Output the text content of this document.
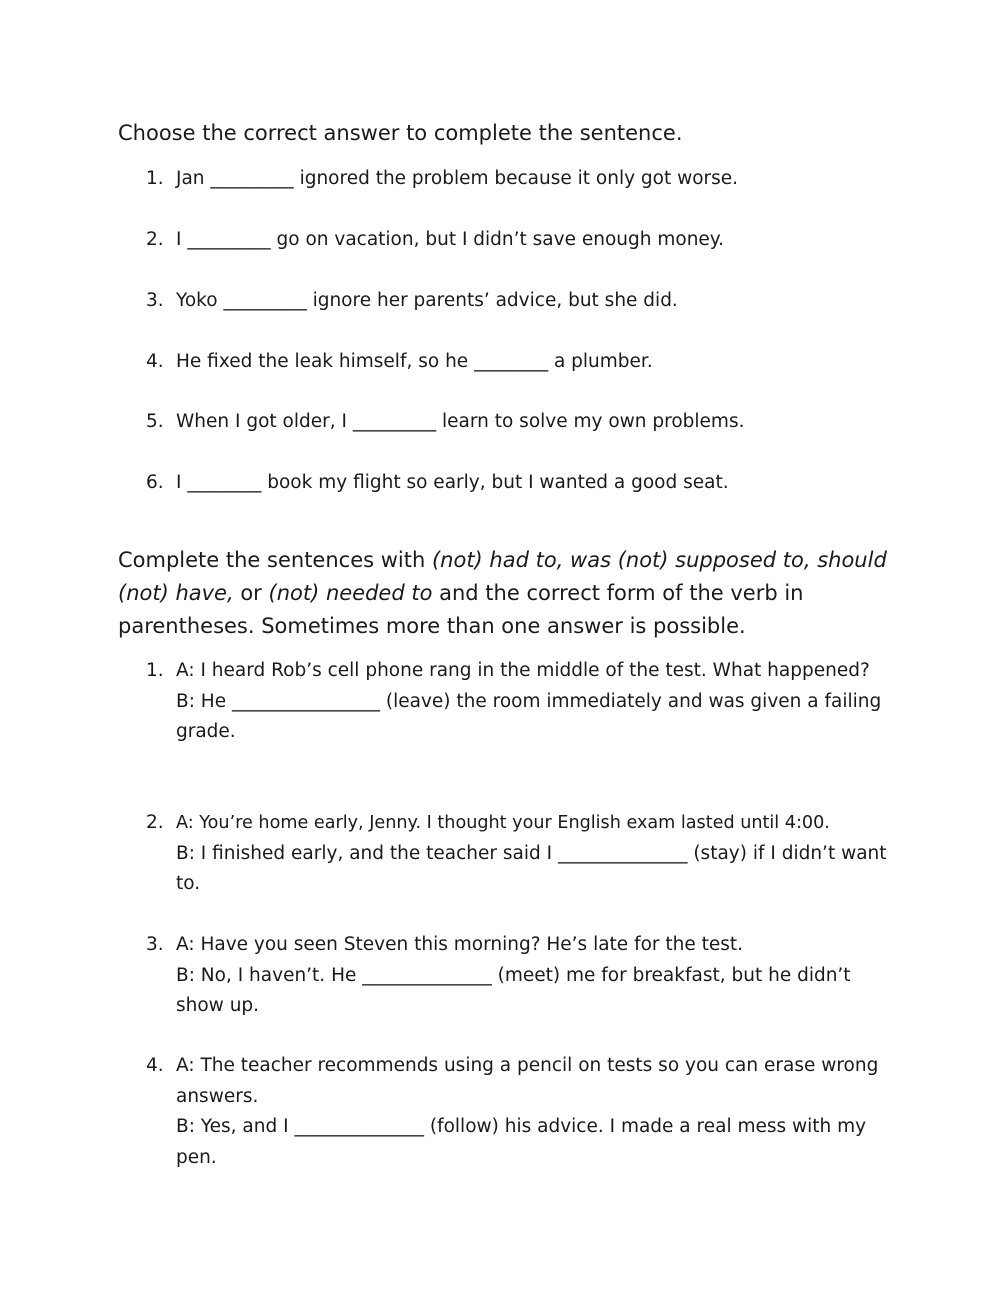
Choose the correct answer to complete the sentence.

1. Jan _________ ignored the problem because it only got worse.
2. I _________ go on vacation, but I didn’t save enough money.
3. Yoko _________ ignore her parents’ advice, but she did.
4. He fixed the leak himself, so he ________ a plumber.
5. When I got older, I _________ learn to solve my own problems.
6. I ________ book my flight so early, but I wanted a good seat.

Complete the sentences with (not) had to, was (not) supposed to, should (not) have, or (not) needed to and the correct form of the verb in parentheses. Sometimes more than one answer is possible.

1. A: I heard Rob’s cell phone rang in the middle of the test. What happened?
B: He ________________ (leave) the room immediately and was given a failing grade.
2. A: You’re home early, Jenny. I thought your English exam lasted until 4:00.
B: I finished early, and the teacher said I ______________ (stay) if I didn’t want to.
3. A: Have you seen Steven this morning? He’s late for the test.
B: No, I haven’t. He ______________ (meet) me for breakfast, but he didn’t show up.
4. A: The teacher recommends using a pencil on tests so you can erase wrong answers.
B: Yes, and I ______________ (follow) his advice. I made a real mess with my pen.
